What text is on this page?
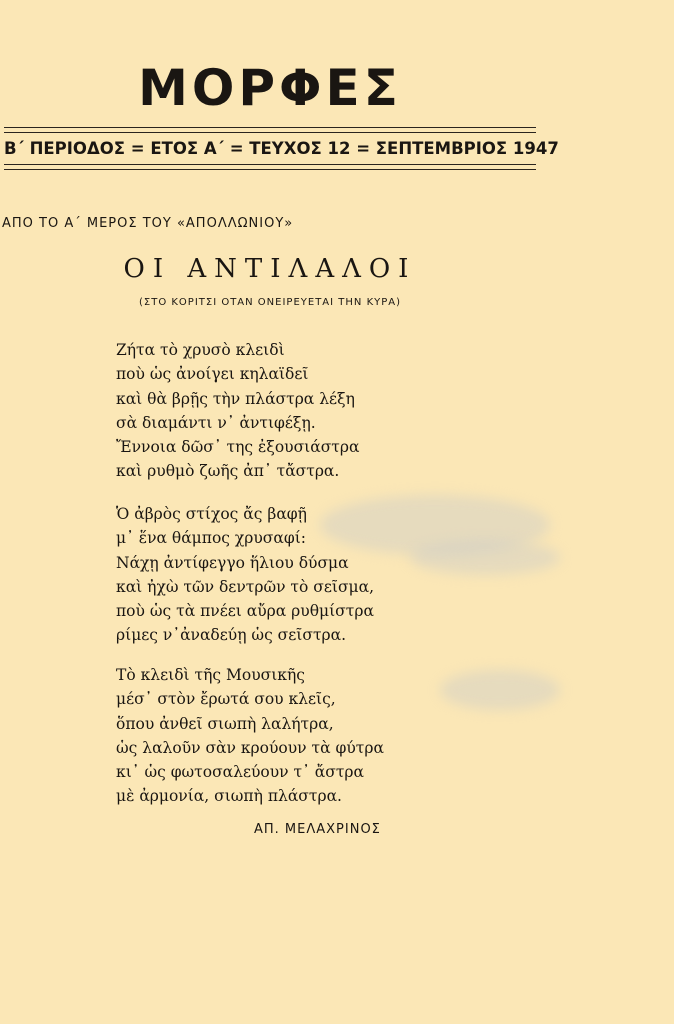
ΜΟΡΦΕΣ
Β΄ ΠΕΡΙΟΔΟΣ = ΕΤΟΣ Α΄ = ΤΕΥΧΟΣ 12 = ΣΕΠΤΕΜΒΡΙΟΣ 1947
ΑΠΟ ΤΟ Α΄ ΜΕΡΟΣ ΤΟΥ «ΑΠΟΛΛΩΝΙΟΥ»
ΟΙ ΑΝΤΙΛΑΛΟΙ
(ΣΤΟ ΚΟΡΙΤΣΙ ΟΤΑΝ ΟΝΕΙΡΕΥΕΤΑΙ ΤΗΝ ΚΥΡΑ)
Ζήτα τὸ χρυσὸ κλειδὶ
ποὺ ὡς ἀνοίγει κηλαϊδεῖ
καὶ θὰ βρῇς τὴν πλάστρα λέξη
σὰ διαμάντι ν᾽ ἀντιφέξῃ.
Ἔννοια δῶσ᾽ της ἐξουσιάστρα
καὶ ρυθμὸ ζωῆς ἀπ᾽ τἄστρα.
Ὁ ἀβρὸς στίχος ἄς βαφῇ
μ᾽ ἕνα θάμπος χρυσαφί:
Νάχῃ ἀντίφεγγο ἥλιου δύσμα
καὶ ἠχὼ τῶν δεντρῶν τὸ σεῖσμα,
ποὺ ὡς τὰ πνέει αὔρα ρυθμίστρα
ρίμες ν᾽ἀναδεύῃ ὡς σεῖστρα.
Τὸ κλειδὶ τῆς Μουσικῆς
μέσ᾽ στὸν ἔρωτά σου κλεῖς,
ὅπου ἀνθεῖ σιωπὴ λαλήτρα,
ὡς λαλοῦν σὰν κρούουν τὰ φύτρα
κι᾽ ὡς φωτοσαλεύουν τ᾽ ἄστρα
μὲ ἀρμονία, σιωπὴ πλάστρα.
ΑΠ. ΜΕΛΑΧΡΙΝΟΣ
